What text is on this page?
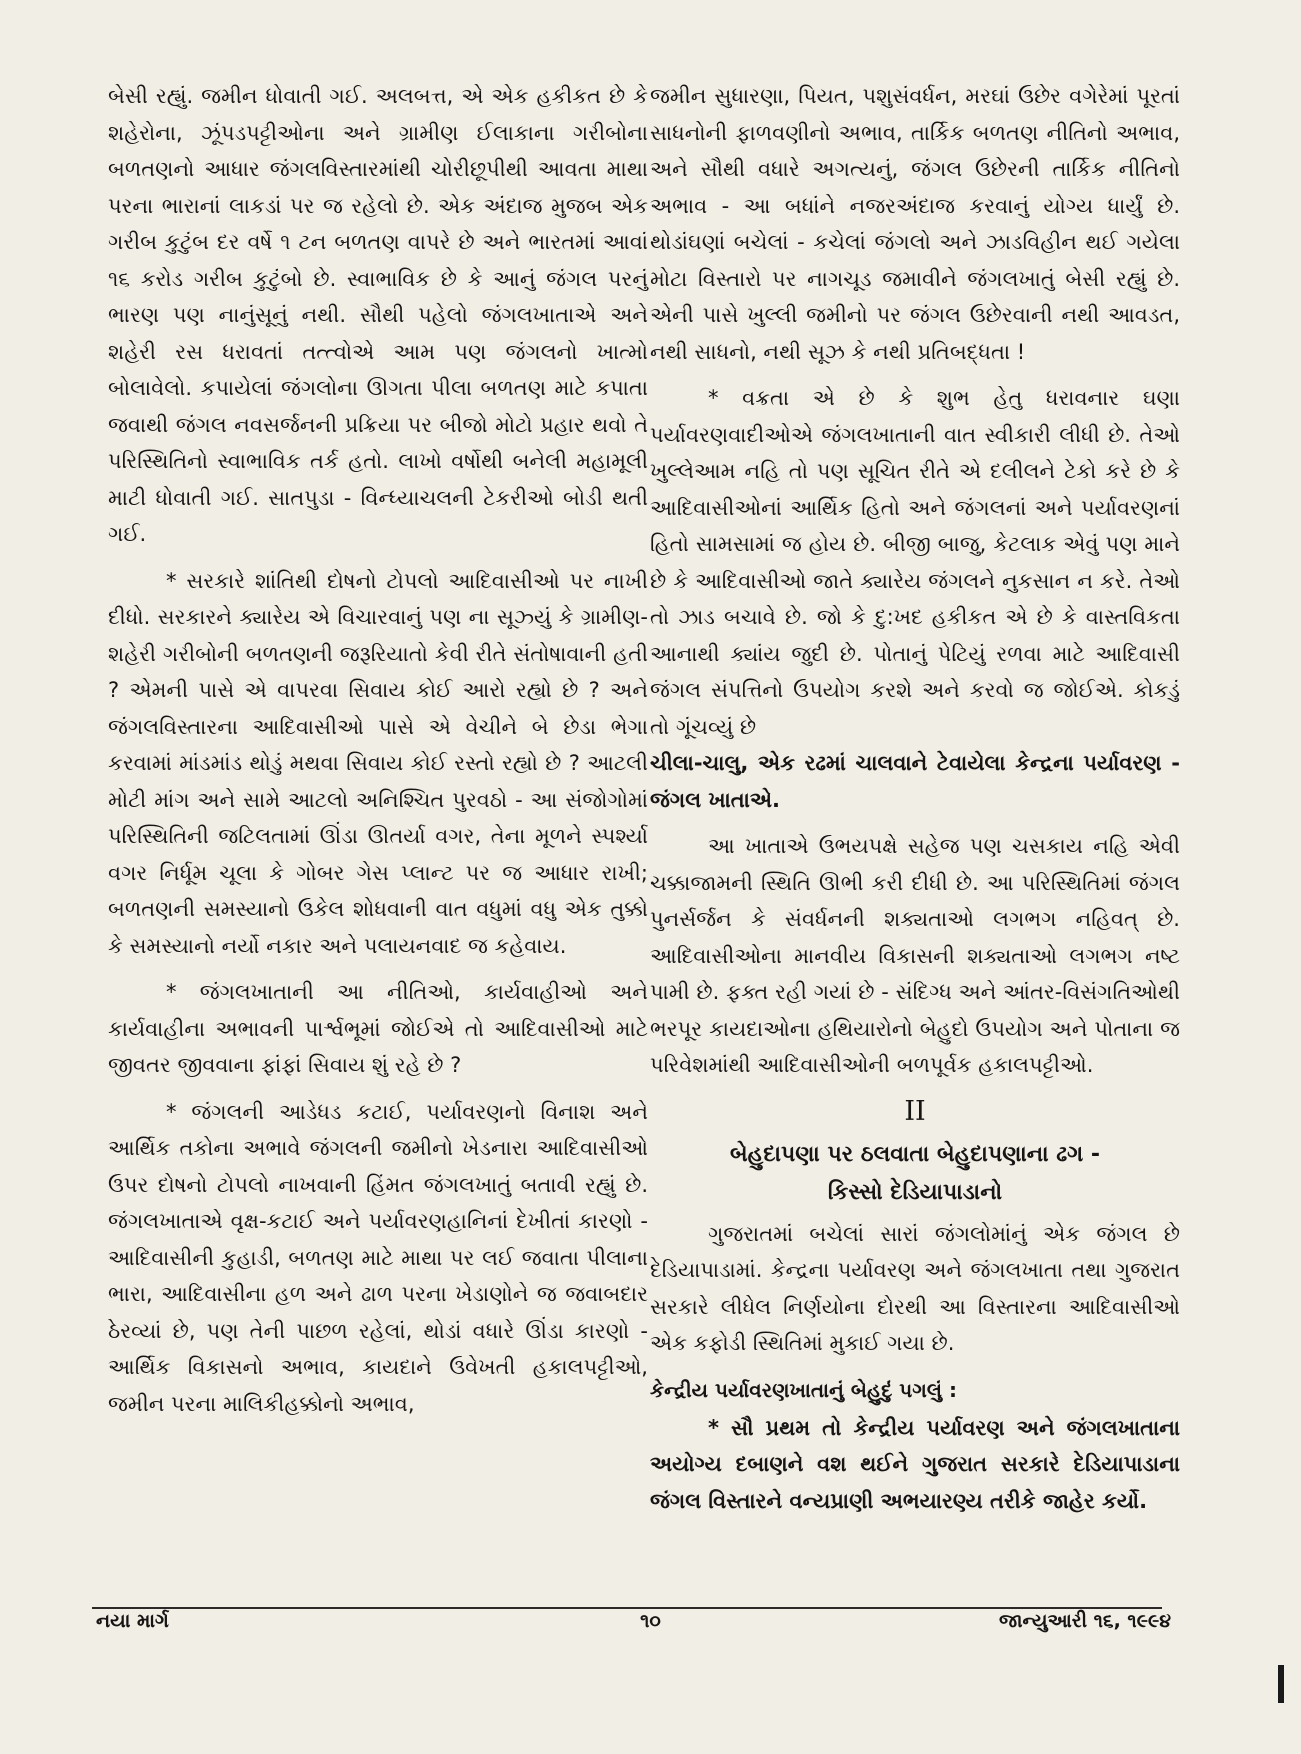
બેસી રહ્યું. જમીન ધોવાતી ગઈ. અલબત્ત, એ એક હકીકત છે કે શહેરોના, ઝૂંપડપટ્ટીઓના અને ગ્રામીણ ઈલાકાના ગરીબોના બળતણનો આધાર જંગલવિસ્તારમાંથી ચોરીછૂપીથી આવતા માથા પરના ભારાનાં લાકડાં પર જ રહેલો છે. એક અંદાજ મુજબ એક ગરીબ કુટુંબ દર વર્ષે ૧ ટન બળતણ વાપરે છે અને ભારતમાં આવાં ૧૬ કરોડ ગરીબ કુટુંબો છે. સ્વાભાવિક છે કે આનું જંગલ પરનું ભારણ પણ નાનુંસૂનું નથી. સૌથી પહેલો જંગલખાતાએ અને શહેરી રસ ધરાવતાં તત્ત્વોએ આમ પણ જંગલનો ખાત્મો બોલાવેલો. કપાયેલાં જંગલોના ઊગતા પીલા બળતણ માટે કપાતા જવાથી જંગલ નવસર્જનની પ્રક્રિયા પર બીજો મોટો પ્રહાર થવો તે પરિસ્થિતિનો સ્વાભાવિક તર્ક હતો. લાખો વર્ષોથી બનેલી મહામૂલી માટી ધોવાતી ગઈ. સાતપુડા - વિન્ધ્યાચલની ટેકરીઓ બોડી થતી ગઈ.

* સરકારે શાંતિથી દોષનો ટોપલો આદિવાસીઓ પર નાખી દીધો. સરકારને ક્યારેય એ વિચારવાનું પણ ના સૂઝ્યું કે ગ્રામીણ-શહેરી ગરીબોની બળતણની જરૂરિયાતો કેવી રીતે સંતોષાવાની હતી ? એમની પાસે એ વાપરવા સિવાય કોઈ આરો રહ્યો છે ? અને જંગલવિસ્તારના આદિવાસીઓ પાસે એ વેચીને બે છેડા ભેગા કરવામાં માંડમાંડ થોડું મથવા સિવાય કોઈ રસ્તો રહ્યો છે ? આટલી મોટી માંગ અને સામે આટલો અનિશ્ચિત પુરવઠો - આ સંજોગોમાં પરિસ્થિતિની જટિલતામાં ઊંડા ઊતર્યા વગર, તેના મૂળને સ્પર્શ્યા વગર નિર્ધૂમ ચૂલા કે ગોબર ગેસ પ્લાન્ટ પર જ આધાર રાખી; બળતણની સમસ્યાનો ઉકેલ શોધવાની વાત વધુમાં વધુ એક તુક્કો કે સમસ્યાનો નર્યો નકાર અને પલાયનવાદ જ કહેવાય.

* જંગલખાતાની આ નીતિઓ, કાર્યવાહીઓ અને કાર્યવાહીના અભાવની પાર્શ્વભૂમાં જોઈએ તો આદિવાસીઓ માટે જીવતર જીવવાના ફાંફાં સિવાય શું રહે છે ?

* જંગલની આડેધડ કટાઈ, પર્યાવરણનો વિનાશ અને આર્થિક તકોના અભાવે જંગલની જમીનો ખેડનારા આદિવાસીઓ ઉપર દોષનો ટોપલો નાખવાની હિંમત જંગલખાતું બતાવી રહ્યું છે. જંગલખાતાએ વૃક્ષ-કટાઈ અને પર્યાવરણહાનિનાં દેખીતાં કારણો - આદિવાસીની કુહાડી, બળતણ માટે માથા પર લઈ જવાતા પીલાના ભારા, આદિવાસીના હળ અને ઢાળ પરના ખેડાણોને જ જવાબદાર ઠેરવ્યાં છે, પણ તેની પાછળ રહેલાં, થોડાં વધારે ઊંડા કારણો - આર્થિક વિકાસનો અભાવ, કાયદાને ઉવેખતી હકાલપટ્ટીઓ, જમીન પરના માલિકીહક્કોનો અભાવ,

જમીન સુધારણા, પિયત, પશુસંવર્ધન, મરઘાં ઉછેર વગેરેમાં પૂરતાં સાધનોની ફાળવણીનો અભાવ, તાર્કિક બળતણ નીતિનો અભાવ, અને સૌથી વધારે અગત્યનું, જંગલ ઉછેરની તાર્કિક નીતિનો અભાવ - આ બધાંને નજરઅંદાજ કરવાનું યોગ્ય ધાર્યું છે. થોડાંઘણાં બચેલાં - કચેલાં જંગલો અને ઝાડવિહીન થઈ ગયેલા મોટા વિસ્તારો પર નાગચૂડ જમાવીને જંગલખાતું બેસી રહ્યું છે. એની પાસે ખુલ્લી જમીનો પર જંગલ ઉછેરવાની નથી આવડત, નથી સાધનો, નથી સૂઝ કે નથી પ્રતિબદ્ધતા !

* વક્રતા એ છે કે શુભ હેતુ ધરાવનાર ઘણા પર્યાવરણવાદીઓએ જંગલખાતાની વાત સ્વીકારી લીધી છે. તેઓ ખુલ્લેઆમ નહિ તો પણ સૂચિત રીતે એ દલીલને ટેકો કરે છે કે આદિવાસીઓનાં આર્થિક હિતો અને જંગલનાં અને પર્યાવરણનાં હિતો સામસામાં જ હોય છે. બીજી બાજુ, કેટલાક એવું પણ માને છે કે આદિવાસીઓ જાતે ક્યારેય જંગલને નુકસાન ન કરે. તેઓ તો ઝાડ બચાવે છે. જો કે દુ:ખદ હકીકત એ છે કે વાસ્તવિકતા આનાથી ક્યાંય જુદી છે. પોતાનું પેટિયું રળવા માટે આદિવાસી જંગલ સંપત્તિનો ઉપયોગ કરશે અને કરવો જ જોઈએ. કોકડું તો ગૂંચવ્યું છે

ચીલા-ચાલુ, એક રઢમાં ચાલવાને ટેવાયેલા કેન્દ્રના પર્યાવરણ - જંગલ ખાતાએ.

આ ખાતાએ ઉભયપક્ષે સહેજ પણ ચસકાય નહિ એવી ચક્કાજામની સ્થિતિ ઊભી કરી દીધી છે. આ પરિસ્થિતિમાં જંગલ પુનર્સર્જન કે સંવર્ધનની શક્યતાઓ લગભગ નહિવત્ છે. આદિવાસીઓના માનવીય વિકાસની શક્યતાઓ લગભગ નષ્ટ પામી છે. ફક્ત રહી ગયાં છે - સંદિગ્ધ અને આંતર-વિસંગતિઓથી ભરપૂર કાયદાઓના હથિયારોનો બેહુદો ઉપયોગ અને પોતાના જ પરિવેશમાંથી આદિવાસીઓની બળપૂર્વક હકાલપટ્ટીઓ.

II
બેહુદાપણા પર ઠલવાતા બેહુદાપણાના ઢગ -
કિસ્સો દેડિયાપાડાનો

ગુજરાતમાં બચેલાં સારાં જંગલોમાંનું એક જંગલ છે દેડિયાપાડામાં. કેન્દ્રના પર્યાવરણ અને જંગલખાતા તથા ગુજરાત સરકારે લીધેલ નિર્ણયોના દોરથી આ વિસ્તારના આદિવાસીઓ એક કફોડી સ્થિતિમાં મુકાઈ ગયા છે.

કેન્દ્રીય પર્યાવરણખાતાનું બેહુદું પગલું :

* સૌ પ્રથમ તો કેન્દ્રીય પર્યાવરણ અને જંગલખાતાના અયોગ્ય દબાણને વશ થઈને ગુજરાત સરકારે દેડિયાપાડાના જંગલ વિસ્તારને વન્યપ્રાણી અભયારણ્ય તરીકે જાહેર કર્યો.

નયા માર્ગ	૧૦	જાન્યુઆરી ૧૬, ૧૯૯૪
